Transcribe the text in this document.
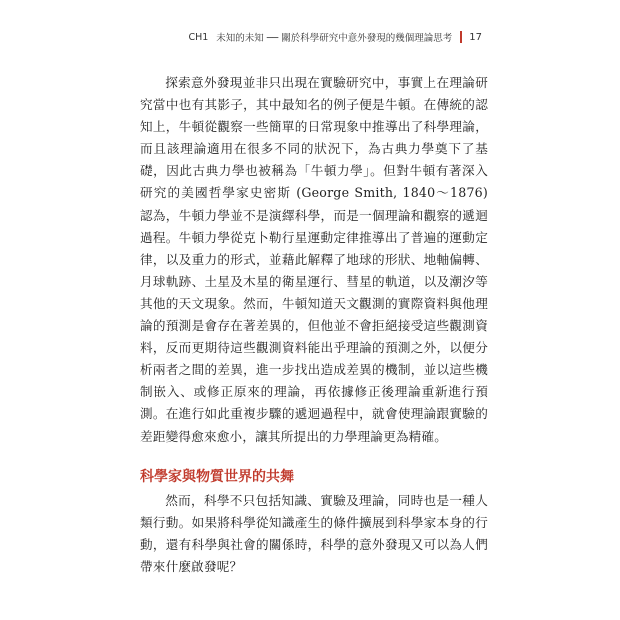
CH1 未知的未知 ── 關於科學研究中意外發現的幾個理論思考 17

探索意外發現並非只出現在實驗研究中，事實上在理論研究當中也有其影子，其中最知名的例子便是牛頓。在傳統的認知上，牛頓從觀察一些簡單的日常現象中推導出了科學理論，而且該理論適用在很多不同的狀況下，為古典力學奠下了基礎，因此古典力學也被稱為「牛頓力學」。但對牛頓有著深入研究的美國哲學家史密斯 (George Smith, 1840～1876) 認為，牛頓力學並不是演繹科學，而是一個理論和觀察的遞迴過程。牛頓力學從克卜勒行星運動定律推導出了普遍的運動定律，以及重力的形式，並藉此解釋了地球的形狀、地軸偏轉、月球軌跡、土星及木星的衛星運行、彗星的軌道，以及潮汐等其他的天文現象。然而，牛頓知道天文觀測的實際資料與他理論的預測是會存在著差異的，但他並不會拒絕接受這些觀測資料，反而更期待這些觀測資料能出乎理論的預測之外，以便分析兩者之間的差異，進一步找出造成差異的機制，並以這些機制嵌入、或修正原來的理論，再依據修正後理論重新進行預測。在進行如此重複步驟的遞迴過程中，就會使理論跟實驗的差距變得愈來愈小，讓其所提出的力學理論更為精確。

科學家與物質世界的共舞

然而，科學不只包括知識、實驗及理論，同時也是一種人類行動。如果將科學從知識產生的條件擴展到科學家本身的行動，還有科學與社會的關係時，科學的意外發現又可以為人們帶來什麼啟發呢？
